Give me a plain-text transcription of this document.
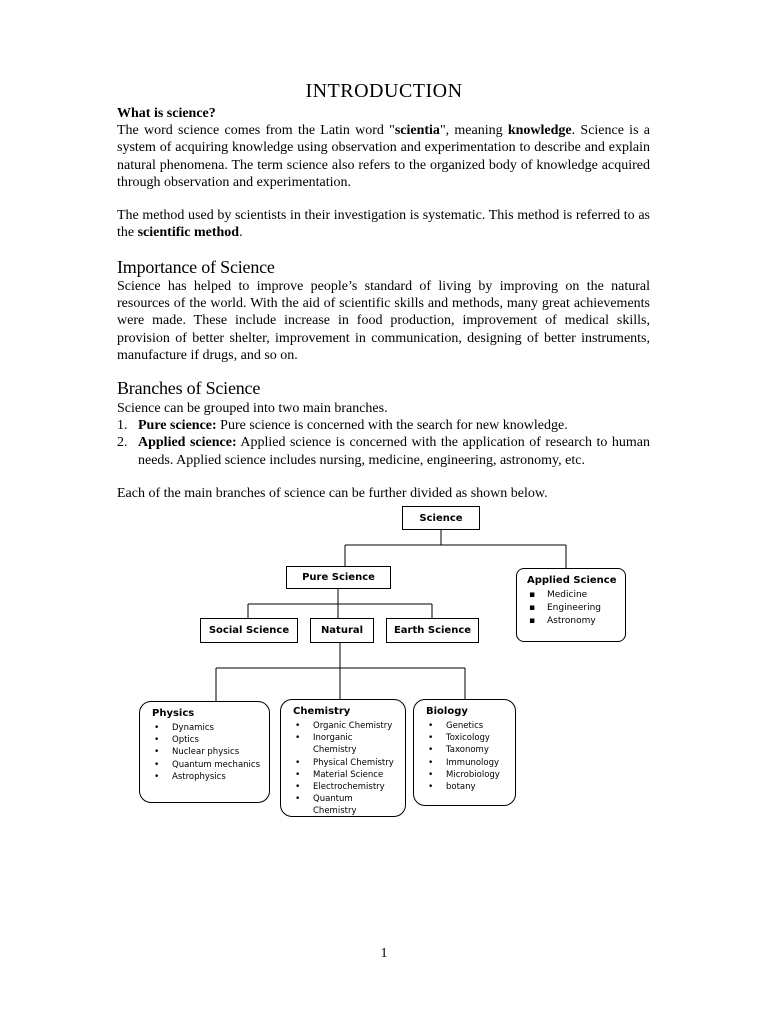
INTRODUCTION

What is science?

The word science comes from the Latin word "scientia", meaning knowledge. Science is a system of acquiring knowledge using observation and experimentation to describe and explain natural phenomena. The term science also refers to the organized body of knowledge acquired through observation and experimentation.

The method used by scientists in their investigation is systematic. This method is referred to as the scientific method.

Importance of Science

Science has helped to improve people’s standard of living by improving on the natural resources of the world. With the aid of scientific skills and methods, many great achievements were made. These include increase in food production, improvement of medical skills, provision of better shelter, improvement in communication, designing of better instruments, manufacture if drugs, and so on.

Branches of Science
Science can be grouped into two main branches.
1. Pure science: Pure science is concerned with the search for new knowledge.
2. Applied science: Applied science is concerned with the application of research to human needs. Applied science includes nursing, medicine, engineering, astronomy, etc.
Each of the main branches of science can be further divided as shown below.
Science
Pure Science	Applied Science
▪ Medicine
▪ Engineering
▪ Astronomy
Social Science	Natural	Earth Science
Physics
• Dynamics
• Optics
• Nuclear physics
• Quantum mechanics
• Astrophysics
Chemistry
• Organic Chemistry
• Inorganic Chemistry
• Physical Chemistry
• Material Science
• Electrochemistry
• Quantum Chemistry
Biology
• Genetics
• Toxicology
• Taxonomy
• Immunology
• Microbiology
• botany
1
